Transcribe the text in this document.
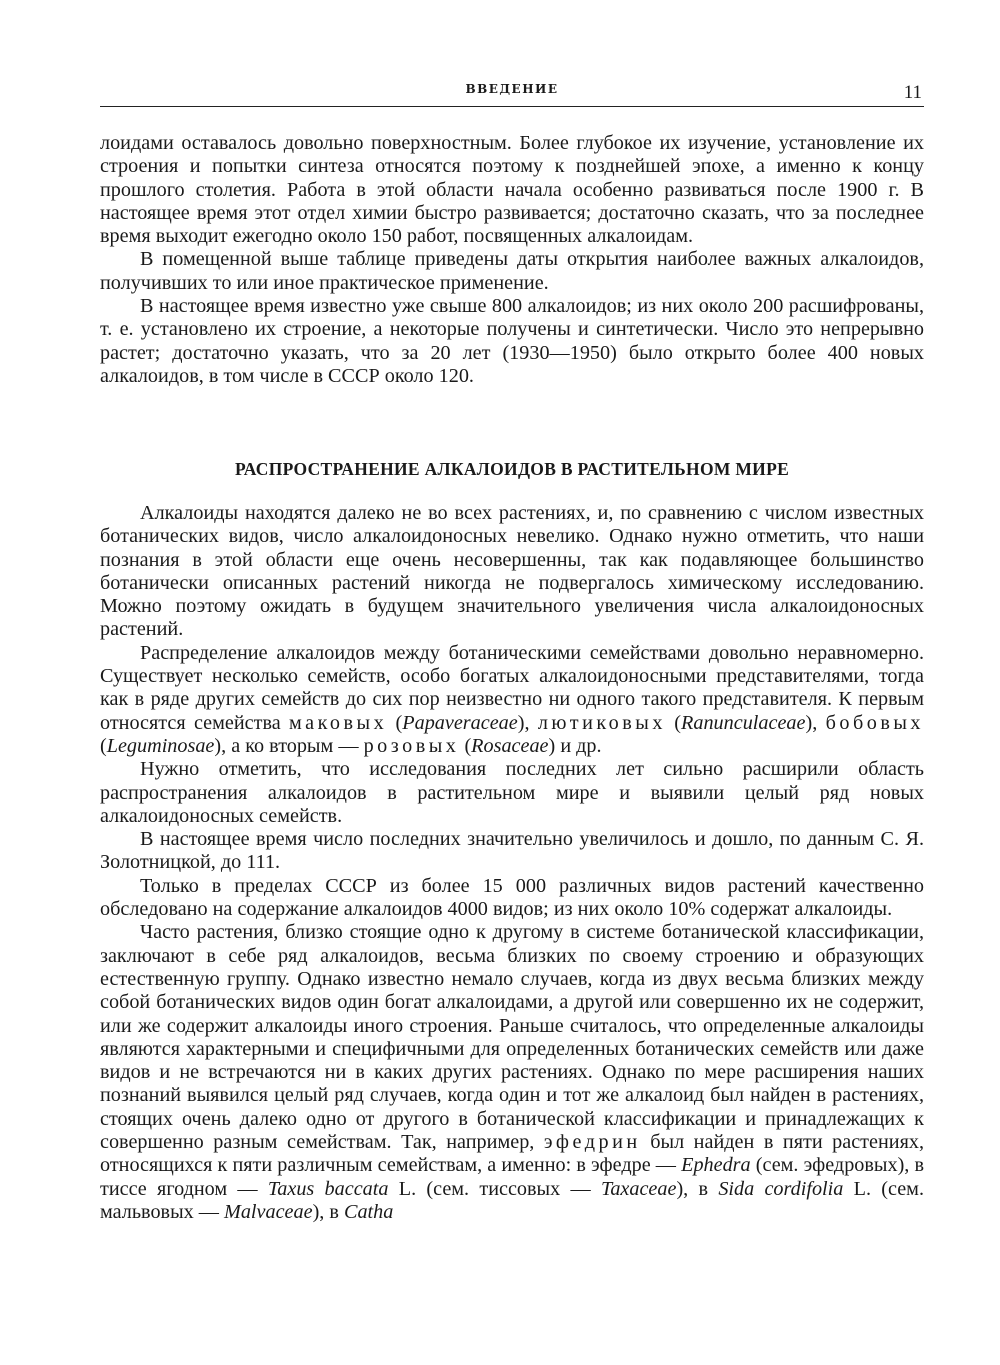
ВВЕДЕНИЕ	11

лоидами оставалось довольно поверхностным. Более глубокое их изучение, установление их строения и попытки синтеза относятся поэтому к позднейшей эпохе, а именно к концу прошлого столетия. Работа в этой области начала особенно развиваться после 1900 г. В настоящее время этот отдел химии быстро развивается; достаточно сказать, что за последнее время выходит ежегодно около 150 работ, посвященных алкалоидам.

В помещенной выше таблице приведены даты открытия наиболее важных алкалоидов, получивших то или иное практическое применение.

В настоящее время известно уже свыше 800 алкалоидов; из них около 200 расшифрованы, т. е. установлено их строение, а некоторые получены и синтетически. Число это непрерывно растет; достаточно указать, что за 20 лет (1930—1950) было открыто более 400 новых алкалоидов, в том числе в СССР около 120.

РАСПРОСТРАНЕНИЕ АЛКАЛОИДОВ В РАСТИТЕЛЬНОМ МИРЕ

Алкалоиды находятся далеко не во всех растениях, и, по сравнению с числом известных ботанических видов, число алкалоидоносных невелико. Однако нужно отметить, что наши познания в этой области еще очень несовершенны, так как подавляющее большинство ботанически описанных растений никогда не подвергалось химическому исследованию. Можно поэтому ожидать в будущем значительного увеличения числа алкалоидоносных растений.

Распределение алкалоидов между ботаническими семействами довольно неравномерно. Существует несколько семейств, особо богатых алкалоидоносными представителями, тогда как в ряде других семейств до сих пор неизвестно ни одного такого представителя. К первым относятся семейства маковых (Papaveraceae), лютиковых (Ranunculaceae), бобовых (Leguminosae), а ко вторым — розовых (Rosaceae) и др.

Нужно отметить, что исследования последних лет сильно расширили область распространения алкалоидов в растительном мире и выявили целый ряд новых алкалоидоносных семейств.

В настоящее время число последних значительно увеличилось и дошло, по данным С. Я. Золотницкой, до 111.

Только в пределах СССР из более 15 000 различных видов растений качественно обследовано на содержание алкалоидов 4000 видов; из них около 10% содержат алкалоиды.

Часто растения, близко стоящие одно к другому в системе ботанической классификации, заключают в себе ряд алкалоидов, весьма близких по своему строению и образующих естественную группу. Однако известно немало случаев, когда из двух весьма близких между собой ботанических видов один богат алкалоидами, а другой или совершенно их не содержит, или же содержит алкалоиды иного строения. Раньше считалось, что определенные алкалоиды являются характерными и специфичными для определенных ботанических семейств или даже видов и не встречаются ни в каких других растениях. Однако по мере расширения наших познаний выявился целый ряд случаев, когда один и тот же алкалоид был найден в растениях, стоящих очень далеко одно от другого в ботанической классификации и принадлежащих к совершенно разным семействам. Так, например, эфедрин был найден в пяти растениях, относящихся к пяти различным семействам, а именно: в эфедре — Ephedra (сем. эфедровых), в тиссе ягодном — Taxus baccata L. (сем. тиссовых — Taxaceae), в Sida cordifolia L. (сем. мальвовых — Malvaceae), в Catha
